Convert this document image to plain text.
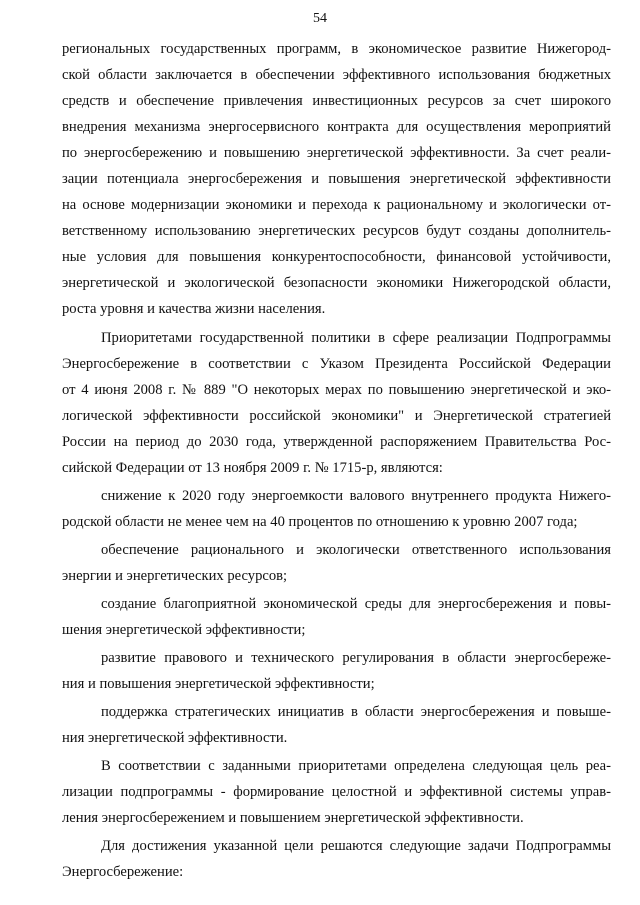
54
региональных государственных программ, в экономическое развитие Нижегород-
ской области заключается в обеспечении эффективного использования бюджетных
средств и обеспечение привлечения инвестиционных ресурсов за счет широкого
внедрения механизма энергосервисного контракта для осуществления мероприятий
по энергосбережению и повышению энергетической эффективности. За счет реали-
зации потенциала энергосбережения и повышения энергетической эффективности
на основе модернизации экономики и перехода к рациональному и экологически от-
ветственному использованию энергетических ресурсов будут созданы дополнитель-
ные условия для повышения конкурентоспособности, финансовой устойчивости,
энергетической и экологической безопасности экономики Нижегородской области,
роста уровня и качества жизни населения.
Приоритетами государственной политики в сфере реализации Подпрограммы
Энергосбережение в соответствии с Указом Президента Российской Федерации
от 4 июня 2008 г. № 889 "О некоторых мерах по повышению энергетической и эко-
логической эффективности российской экономики" и Энергетической стратегией
России на период до 2030 года, утвержденной распоряжением Правительства Рос-
сийской Федерации от 13 ноября 2009 г. № 1715-р, являются:
снижение к 2020 году энергоемкости валового внутреннего продукта Нижего-
родской области не менее чем на 40 процентов по отношению к уровню 2007 года;
обеспечение рационального и экологически ответственного использования
энергии и энергетических ресурсов;
создание благоприятной экономической среды для энергосбережения и повы-
шения энергетической эффективности;
развитие правового и технического регулирования в области энергосбереже-
ния и повышения энергетической эффективности;
поддержка стратегических инициатив в области энергосбережения и повыше-
ния энергетической эффективности.
В соответствии с заданными приоритетами определена следующая цель реа-
лизации подпрограммы - формирование целостной и эффективной системы управ-
ления энергосбережением и повышением энергетической эффективности.
Для достижения указанной цели решаются следующие задачи Подпрограммы
Энергосбережение:
